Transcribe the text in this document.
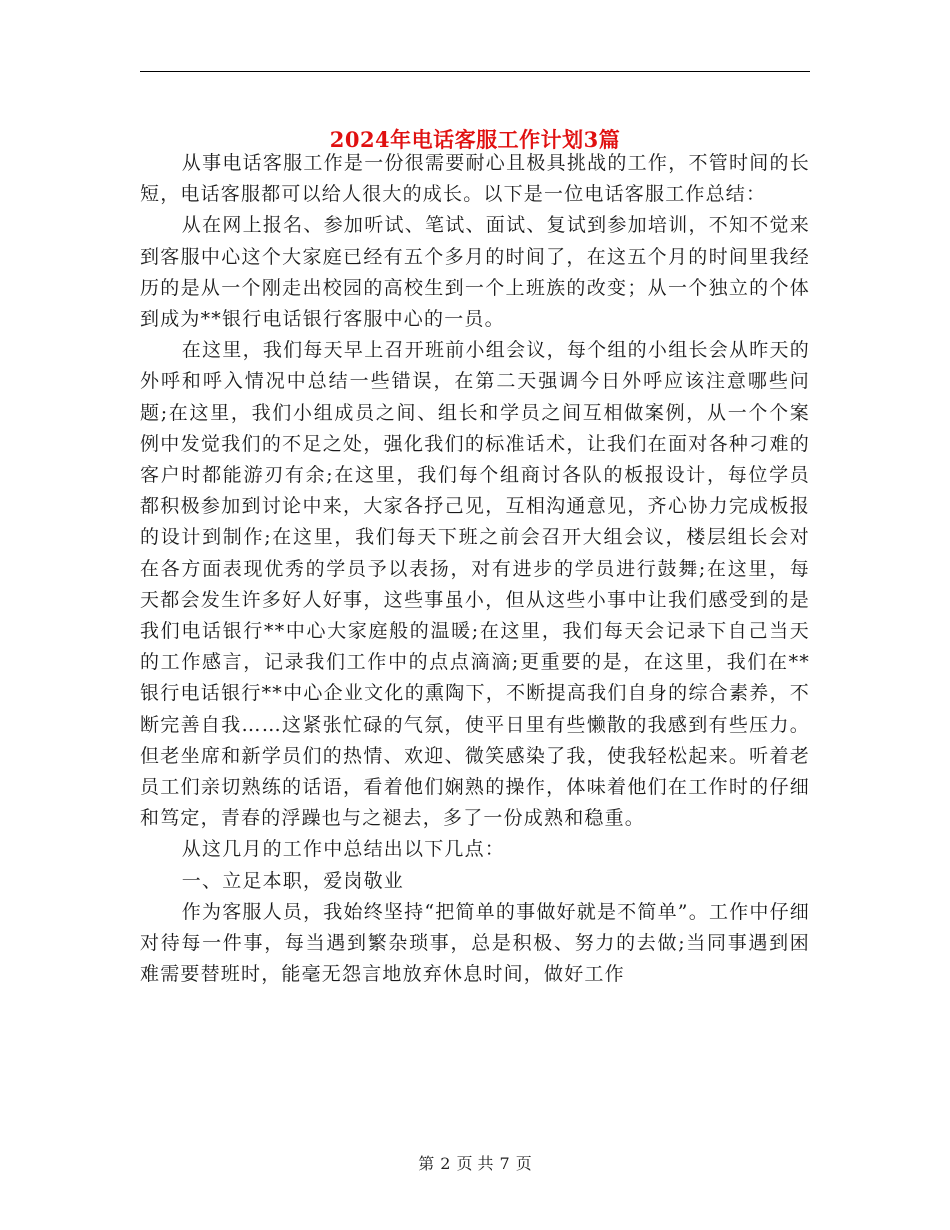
2024年电话客服工作计划3篇

从事电话客服工作是一份很需要耐心且极具挑战的工作，不管时间的长短，电话客服都可以给人很大的成长。以下是一位电话客服工作总结：

从在网上报名、参加听试、笔试、面试、复试到参加培训，不知不觉来到客服中心这个大家庭已经有五个多月的时间了，在这五个月的时间里我经历的是从一个刚走出校园的高校生到一个上班族的改变；从一个独立的个体到成为**银行电话银行客服中心的一员。

在这里，我们每天早上召开班前小组会议，每个组的小组长会从昨天的外呼和呼入情况中总结一些错误，在第二天强调今日外呼应该注意哪些问题;在这里，我们小组成员之间、组长和学员之间互相做案例，从一个个案例中发觉我们的不足之处，强化我们的标准话术，让我们在面对各种刁难的客户时都能游刃有余;在这里，我们每个组商讨各队的板报设计，每位学员都积极参加到讨论中来，大家各抒己见，互相沟通意见，齐心协力完成板报的设计到制作;在这里，我们每天下班之前会召开大组会议，楼层组长会对在各方面表现优秀的学员予以表扬，对有进步的学员进行鼓舞;在这里，每天都会发生许多好人好事，这些事虽小，但从这些小事中让我们感受到的是我们电话银行**中心大家庭般的温暖;在这里，我们每天会记录下自己当天的工作感言，记录我们工作中的点点滴滴;更重要的是，在这里，我们在**银行电话银行**中心企业文化的熏陶下，不断提高我们自身的综合素养，不断完善自我……这紧张忙碌的气氛，使平日里有些懒散的我感到有些压力。但老坐席和新学员们的热情、欢迎、微笑感染了我，使我轻松起来。听着老员工们亲切熟练的话语，看着他们娴熟的操作，体味着他们在工作时的仔细和笃定，青春的浮躁也与之褪去，多了一份成熟和稳重。

从这几月的工作中总结出以下几点：

一、立足本职，爱岗敬业

作为客服人员，我始终坚持“把简单的事做好就是不简单”。工作中仔细对待每一件事，每当遇到繁杂琐事，总是积极、努力的去做;当同事遇到困难需要替班时，能毫无怨言地放弃休息时间，做好工作

第 2 页 共 7 页
